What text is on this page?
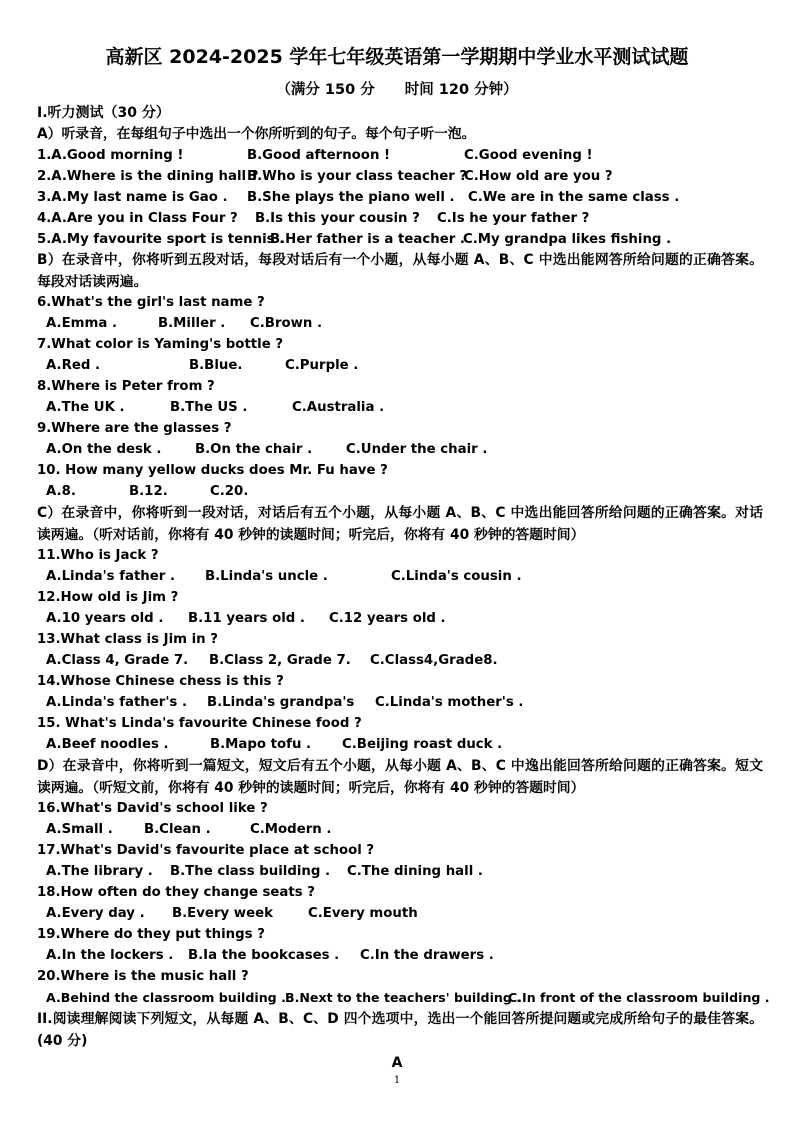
高新区 2024-2025 学年七年级英语第一学期期中学业水平测试试题
（满分 150 分 时间 120 分钟）
Ⅰ.听力测试（30 分）
A）听录音，在每组句子中选出一个你所听到的句子。每个句子听一泡。
1.A.Good morning !	B.Good afternoon !	C.Good evening !
2.A.Where is the dining hall ?
B.Who is your class teacher ?
C.How old are you ?
3.A.My last name is Gao . B.She plays the piano well . C.We are in the same class .
4.A.Are you in Class Four ? B.Is this your cousin ? C.Is he your father ?
5.A.My favourite sport is tennis .
B.Her father is a teacher .
C.My grandpa likes fishing .
B）在录音中，你将听到五段对话，每段对话后有一个小题，从每小题 A、B、C 中选出能网答所给问题的正确答案。每段对话读两遍。
6.What's the girl's last name ?
A.Emma .	B.Miller . C.Brown .
7.What color is Yaming's bottle ?
A.Red .	B.Blue.	C.Purple .
8.Where is Peter from ?
A.The UK .	B.The US .	C.Australia .
9.Where are the glasses ?
A.On the desk .	B.On the chair .	C.Under the chair .
10. How many yellow ducks does Mr. Fu have ?
A.8.	B.12.	C.20.
C）在录音中，你将听到一段对话，对话后有五个小题，从每小题 A、B、C 中选出能回答所给问题的正确答案。对话读两遍。（听对话前，你将有 40 秒钟的读题时间；听完后，你将有 40 秒钟的答题时间）
11.Who is Jack ?
A.Linda's father . B.Linda's uncle .	C.Linda's cousin .
12.How old is Jim ?
A.10 years old . B.11 years old . C.12 years old .
13.What class is Jim in ?
A.Class 4, Grade 7. B.Class 2, Grade 7. C.Class4,Grade8.
14.Whose Chinese chess is this ?
A.Linda's father's . B.Linda's grandpa's C.Linda's mother's .
15. What's Linda's favourite Chinese food ?
A.Beef noodles .	B.Mapo tofu . C.Beijing roast duck .
D）在录音中，你将听到一篇短文，短文后有五个小题，从每小题 A、B、C 中逸出能回答所给问题的正确答案。短文读两遍。（听短文前，你将有 40 秒钟的读题时间；听完后，你将有 40 秒钟的答题时间）
16.What's David's school like ?
A.Small . B.Clean .	C.Modern .
17.What's David's favourite place at school ?
A.The library . B.The class building . C.The dining hall .
18.How often do they change seats ?
A.Every day . B.Every week	C.Every mouth
19.Where do they put things ?
A.In the lockers . B.Ia the bookcases . C.In the drawers .
20.Where is the music hall ?
A.Behind the classroom building . B.Next to the teachers' building .
C.In front of the classroom building .
II.阅读理解阅读下列短文，从每题 A、B、C、D 四个选项中，选出一个能回答所提问题或完成所给句子的最佳答案。(40 分)
A
1
